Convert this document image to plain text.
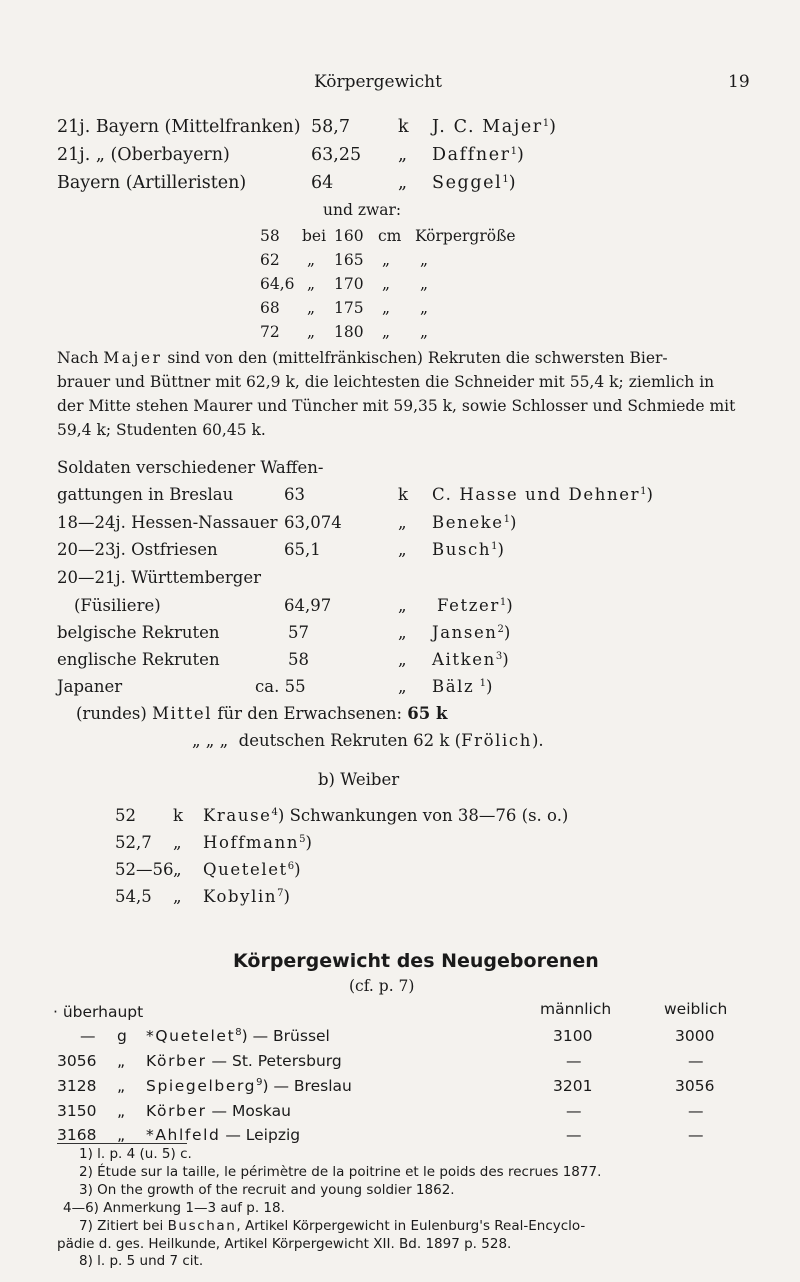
Körpergewicht	19
21j. Bayern (Mittelfranken) 58,7	k J. C. Majer$^1$)
21j. „ (Oberbayern)	63,25 „ Daffner$^1$)
Bayern (Artilleristen)	64	„ Seggel$^1$)
und zwar:
58 bei 160 cm Körpergröße
62 „ 165 „ „
64,6 „ 170 „ „
68 „ 175 „ „
72 „ 180 „ „
Nach Majer sind von den (mittelfränkischen) Rekruten die schwersten Bier-
brauer und Büttner mit 62,9 k, die leichtesten die Schneider mit 55,4 k; ziemlich in
der Mitte stehen Maurer und Tüncher mit 59,35 k, sowie Schlosser und Schmiede mit
59,4 k; Studenten 60,45 k.
Soldaten verschiedener Waffen-
gattungen in Breslau	63	k C. Hasse und Dehner$^1$)
18—24j. Hessen-Nassauer 63,074	„ Beneke$^1$)
20—23j. Ostfriesen	65,1	„ Busch$^1$)
20—21j. Württemberger
(Füsiliere)	64,97	„ Fetzer$^1$)
belgische Rekruten	57	„ Jansen$^2$)
englische Rekruten	58	„ Aitken$^3$)
Japaner	ca. 55	„ Bälz $^1$)
(rundes) Mittel für den Erwachsenen: 65 k
„ „ „ deutschen Rekruten 62 k (Frölich).
b) Weiber
52 k Krause$^4$) Schwankungen von 38—76 (s. o.)
52,7 „ Hoffmann$^5$)
52—56 „ Quetelet$^6$)
54,5 „ Kobylin$^7$)
Körpergewicht des Neugeborenen
(cf. p. 7)
· überhaupt	männlich	weiblich
— g *Quetelet$^8$) — Brüssel	3100	3000
3056 „ Körber — St. Petersburg	—	—
3128 „ Spiegelberg$^9$) — Breslau	3201	3056
3150 „ Körber — Moskau	—	—
3168 „ *Ahlfeld — Leipzig	—	—
1) l. p. 4 (u. 5) c.
2) Étude sur la taille, le périmètre de la poitrine et le poids des recrues 1877.
3) On the growth of the recruit and young soldier 1862.
4—6) Anmerkung 1—3 auf p. 18.
7) Zitiert bei Buschan, Artikel Körpergewicht in Eulenburg's Real-Encyclo-
pädie d. ges. Heilkunde, Artikel Körpergewicht XII. Bd. 1897 p. 528.
8) l. p. 5 und 7 cit.
